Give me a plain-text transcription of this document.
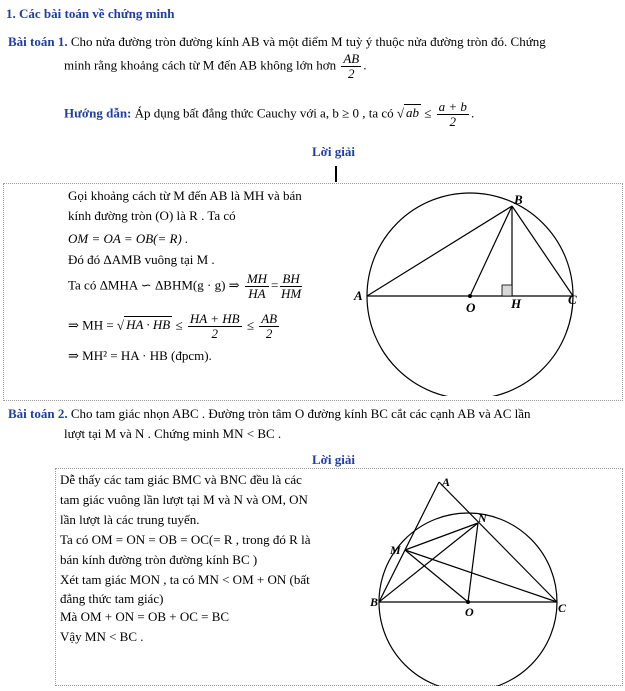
1. Các bài toán về chứng minh
Bài toán 1. Cho nửa đường tròn đường kính AB và một điểm M tuỳ ý thuộc nửa đường tròn đó. Chứng
minh rằng khoảng cách từ M đến AB không lớn hơn $\frac{AB}{2}$ .
Hướng dẫn: Áp dụng bất đẳng thức Cauchy với a, b ≥ 0 , ta có √ ab ≤ $\frac{a + b}{2}$ .
Lời giải
Gọi khoảng cách từ M đến AB là MH và bán
kính đường tròn (O) là R . Ta có
OM = OA = OB(= R) .
Đó đó ΔAMB vuông tại M .
Ta có ΔMHA ∽ ΔBHM(g · g) ⇒ $\frac{MH}{HA} = \frac{BH}{HM}$
⇒ MH = √ HA · HB ≤ $\frac{HA + HB}{2} \le \frac{AB}{2}$
⇒ MH² = HA · HB (đpcm).
A
B
C
O	H
Bài toán 2. Cho tam giác nhọn ABC . Đường tròn tâm O đường kính BC cắt các cạnh AB và AC lần
lượt tại M và N . Chứng minh MN < BC .
Lời giải
Dễ thấy các tam giác BMC và BNC đều là các
tam giác vuông lần lượt tại M và N và OM, ON
lần lượt là các trung tuyến.
Ta có OM = ON = OB = OC(= R , trong đó R là
bán kính đường tròn đường kính BC )
Xét tam giác MON , ta có MN < OM + ON (bất
đẳng thức tam giác)
Mà OM + ON = OB + OC = BC
Vậy MN < BC .
A
M
N
B	C
O
